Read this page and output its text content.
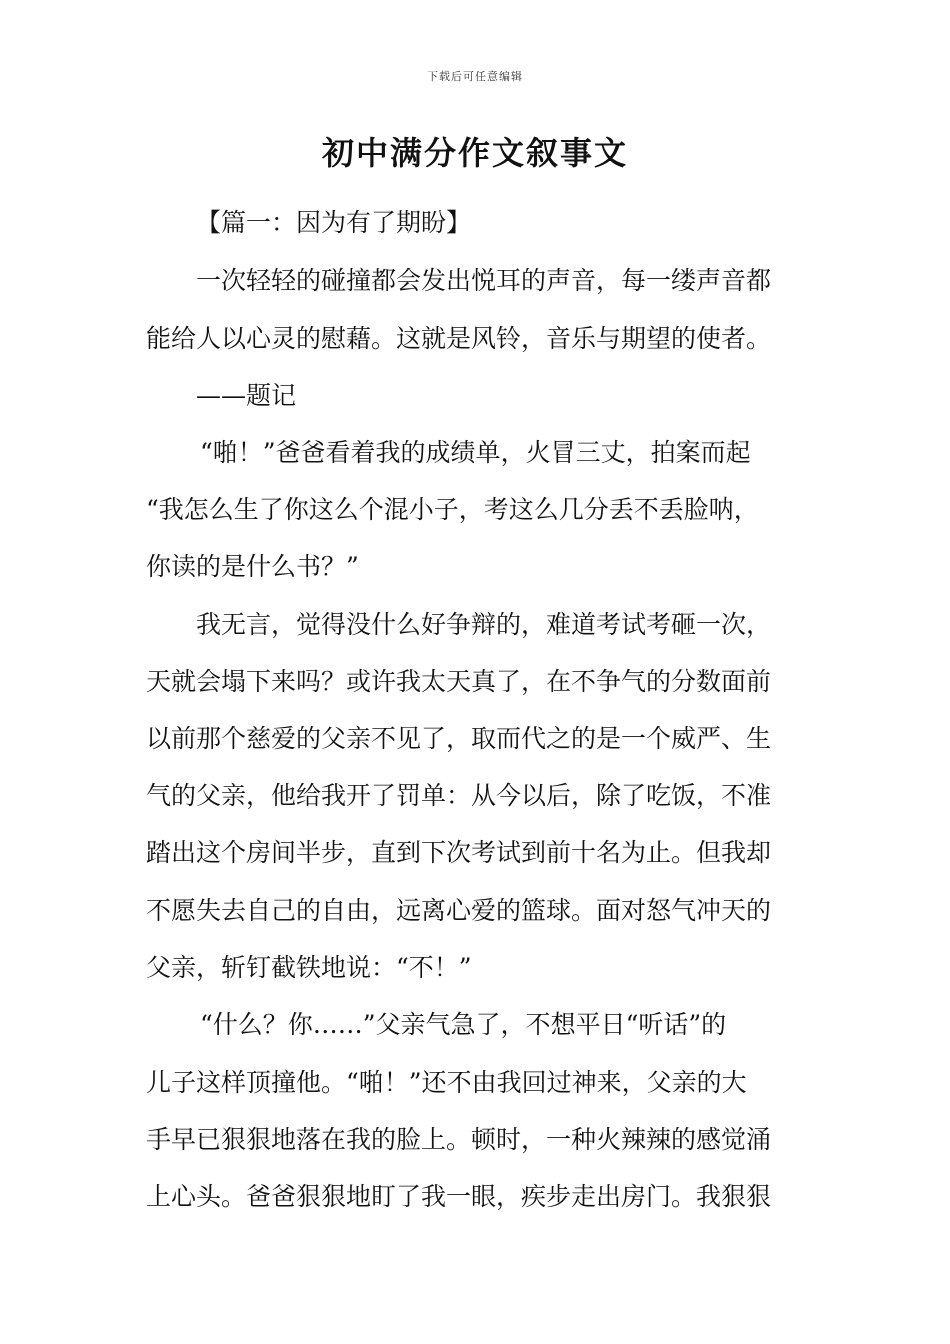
下载后可任意编辑
初中满分作文叙事文

【篇一：因为有了期盼】

一次轻轻的碰撞都会发出悦耳的声音，每一缕声音都

能给人以心灵的慰藉。这就是风铃，音乐与期望的使者。

——题记

“啪！”爸爸看着我的成绩单，火冒三丈，拍案而起

“我怎么生了你这么个混小子，考这么几分丢不丢脸呐，

你读的是什么书？”

我无言，觉得没什么好争辩的，难道考试考砸一次，

天就会塌下来吗？或许我太天真了，在不争气的分数面前

以前那个慈爱的父亲不见了，取而代之的是一个威严、生

气的父亲，他给我开了罚单：从今以后，除了吃饭，不准

踏出这个房间半步，直到下次考试到前十名为止。但我却

不愿失去自己的自由，远离心爱的篮球。面对怒气冲天的

父亲，斩钉截铁地说：“不！”

“什么？你……”父亲气急了，不想平日“听话”的

儿子这样顶撞他。“啪！”还不由我回过神来，父亲的大

手早已狠狠地落在我的脸上。顿时，一种火辣辣的感觉涌

上心头。爸爸狠狠地盯了我一眼，疾步走出房门。我狠狠
